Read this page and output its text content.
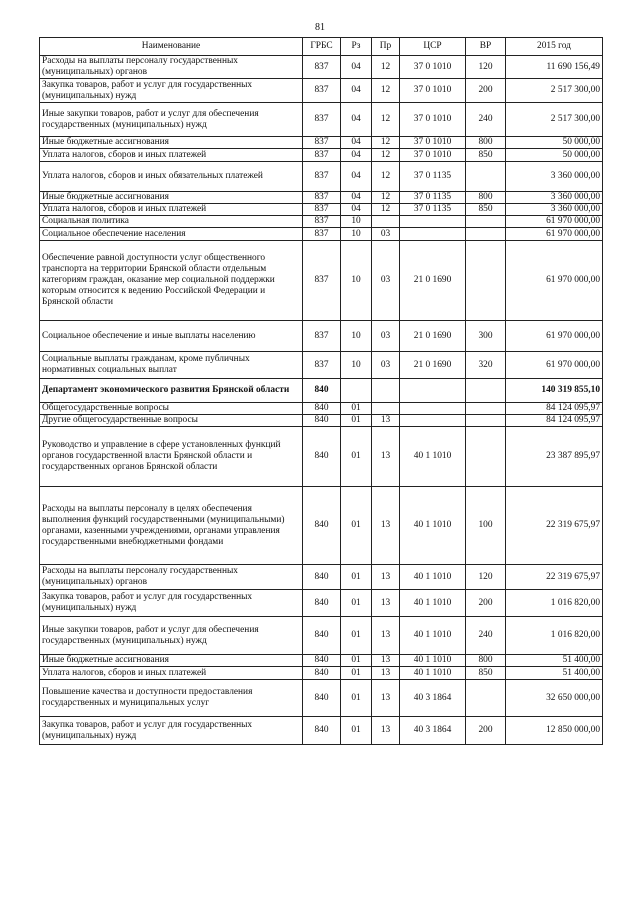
81
Наименование	ГРБС	Рз	Пр	ЦСР	ВР	2015 год
Расходы на выплаты персоналу государственных (муниципальных) органов	837	04	12	37 0 1010	120	11 690 156,49
Закупка товаров, работ и услуг для государственных (муниципальных) нужд	837	04	12	37 0 1010	200	2 517 300,00
Иные закупки товаров, работ и услуг для обеспечения государственных (муниципальных) нужд	837	04	12	37 0 1010	240	2 517 300,00
Иные бюджетные ассигнования	837	04	12	37 0 1010	800	50 000,00
Уплата налогов, сборов и иных платежей	837	04	12	37 0 1010	850	50 000,00
Уплата налогов, сборов и иных обязательных платежей	837	04	12	37 0 1135		3 360 000,00
Иные бюджетные ассигнования	837	04	12	37 0 1135	800	3 360 000,00
Уплата налогов, сборов и иных платежей	837	04	12	37 0 1135	850	3 360 000,00
Социальная политика	837	10				61 970 000,00
Социальное обеспечение населения	837	10	03			61 970 000,00
Обеспечение равной доступности услуг общественного транспорта на территории Брянской области отдельным категориям граждан, оказание мер социальной поддержки которым относится к ведению Российской Федерации и Брянской области	837	10	03	21 0 1690		61 970 000,00
Социальное обеспечение и иные выплаты населению	837	10	03	21 0 1690	300	61 970 000,00
Социальные выплаты гражданам, кроме публичных нормативных социальных выплат	837	10	03	21 0 1690	320	61 970 000,00
Департамент экономического развития Брянской области	840					140 319 855,10
Общегосударственные вопросы	840	01				84 124 095,97
Другие общегосударственные вопросы	840	01	13			84 124 095,97
Руководство и управление в сфере установленных функций органов государственной власти Брянской области и государственных органов Брянской области	840	01	13	40 1 1010		23 387 895,97
Расходы на выплаты персоналу в целях обеспечения выполнения функций государственными (муниципальными) органами, казенными учреждениями, органами управления государственными внебюджетными фондами	840	01	13	40 1 1010	100	22 319 675,97
Расходы на выплаты персоналу государственных (муниципальных) органов	840	01	13	40 1 1010	120	22 319 675,97
Закупка товаров, работ и услуг для государственных (муниципальных) нужд	840	01	13	40 1 1010	200	1 016 820,00
Иные закупки товаров, работ и услуг для обеспечения государственных (муниципальных) нужд	840	01	13	40 1 1010	240	1 016 820,00
Иные бюджетные ассигнования	840	01	13	40 1 1010	800	51 400,00
Уплата налогов, сборов и иных платежей	840	01	13	40 1 1010	850	51 400,00
Повышение качества и доступности предоставления государственных и муниципальных услуг	840	01	13	40 3 1864		32 650 000,00
Закупка товаров, работ и услуг для государственных (муниципальных) нужд	840	01	13	40 3 1864	200	12 850 000,00
